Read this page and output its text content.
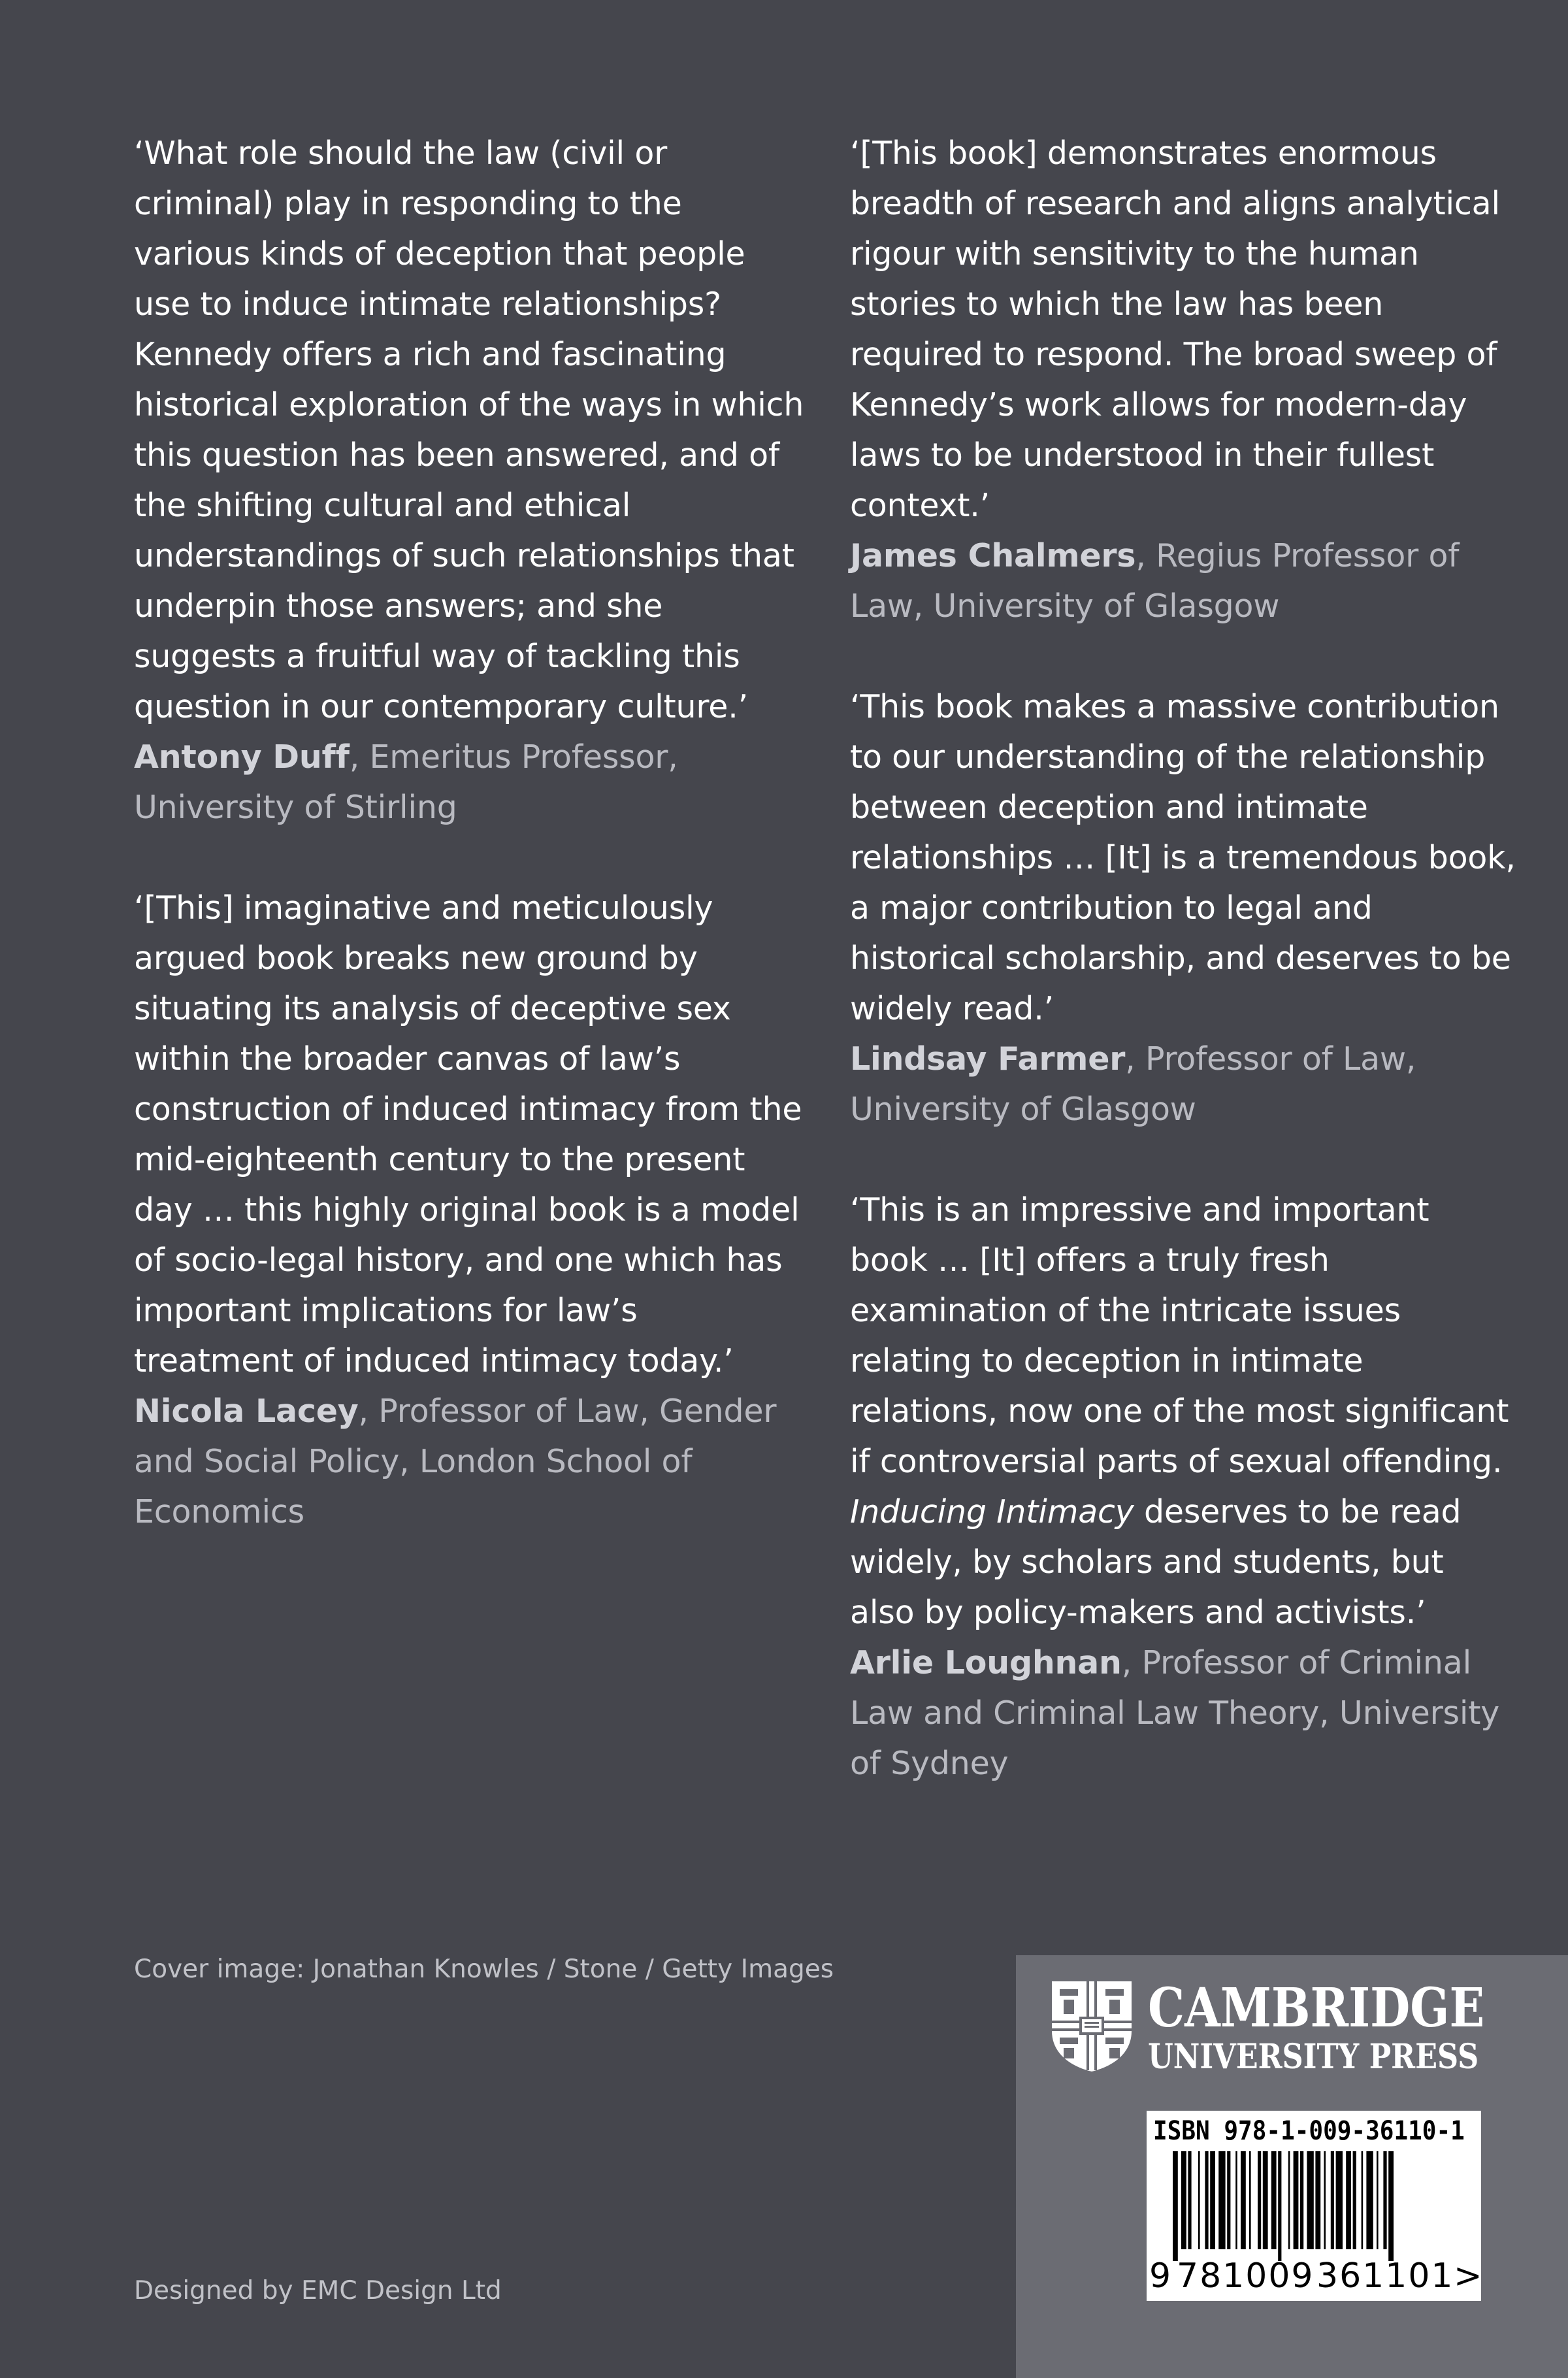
‘What role should the law (civil or criminal) play in responding to the various kinds of deception that people use to induce intimate relationships? Kennedy offers a rich and fascinating historical exploration of the ways in which this question has been answered, and of the shifting cultural and ethical understandings of such relationships that underpin those answers; and she suggests a fruitful way of tackling this question in our contemporary culture.’

Antony Duff, Emeritus Professor, University of Stirling

‘[This] imaginative and meticulously argued book breaks new ground by situating its analysis of deceptive sex within the broader canvas of law’s construction of induced intimacy from the mid-eighteenth century to the present day … this highly original book is a model of socio-legal history, and one which has important implications for law’s treatment of induced intimacy today.’

Nicola Lacey, Professor of Law, Gender and Social Policy, London School of Economics

‘[This book] demonstrates enormous breadth of research and aligns analytical rigour with sensitivity to the human stories to which the law has been required to respond. The broad sweep of Kennedy’s work allows for modern-day laws to be understood in their fullest context.’

James Chalmers, Regius Professor of Law, University of Glasgow

‘This book makes a massive contribution to our understanding of the relationship between deception and intimate relationships … [It] is a tremendous book, a major contribution to legal and historical scholarship, and deserves to be widely read.’

Lindsay Farmer, Professor of Law, University of Glasgow

‘This is an impressive and important book … [It] offers a truly fresh examination of the intricate issues relating to deception in intimate relations, now one of the most significant if controversial parts of sexual offending. Inducing Intimacy deserves to be read widely, by scholars and students, but also by policy-makers and activists.’

Arlie Loughnan, Professor of Criminal Law and Criminal Law Theory, University of Sydney

Cover image: Jonathan Knowles / Stone / Getty Images

Designed by EMC Design Ltd

CAMBRIDGE
UNIVERSITY PRESS
ISBN 978-1-009-36110-1
9 781009361101 >
